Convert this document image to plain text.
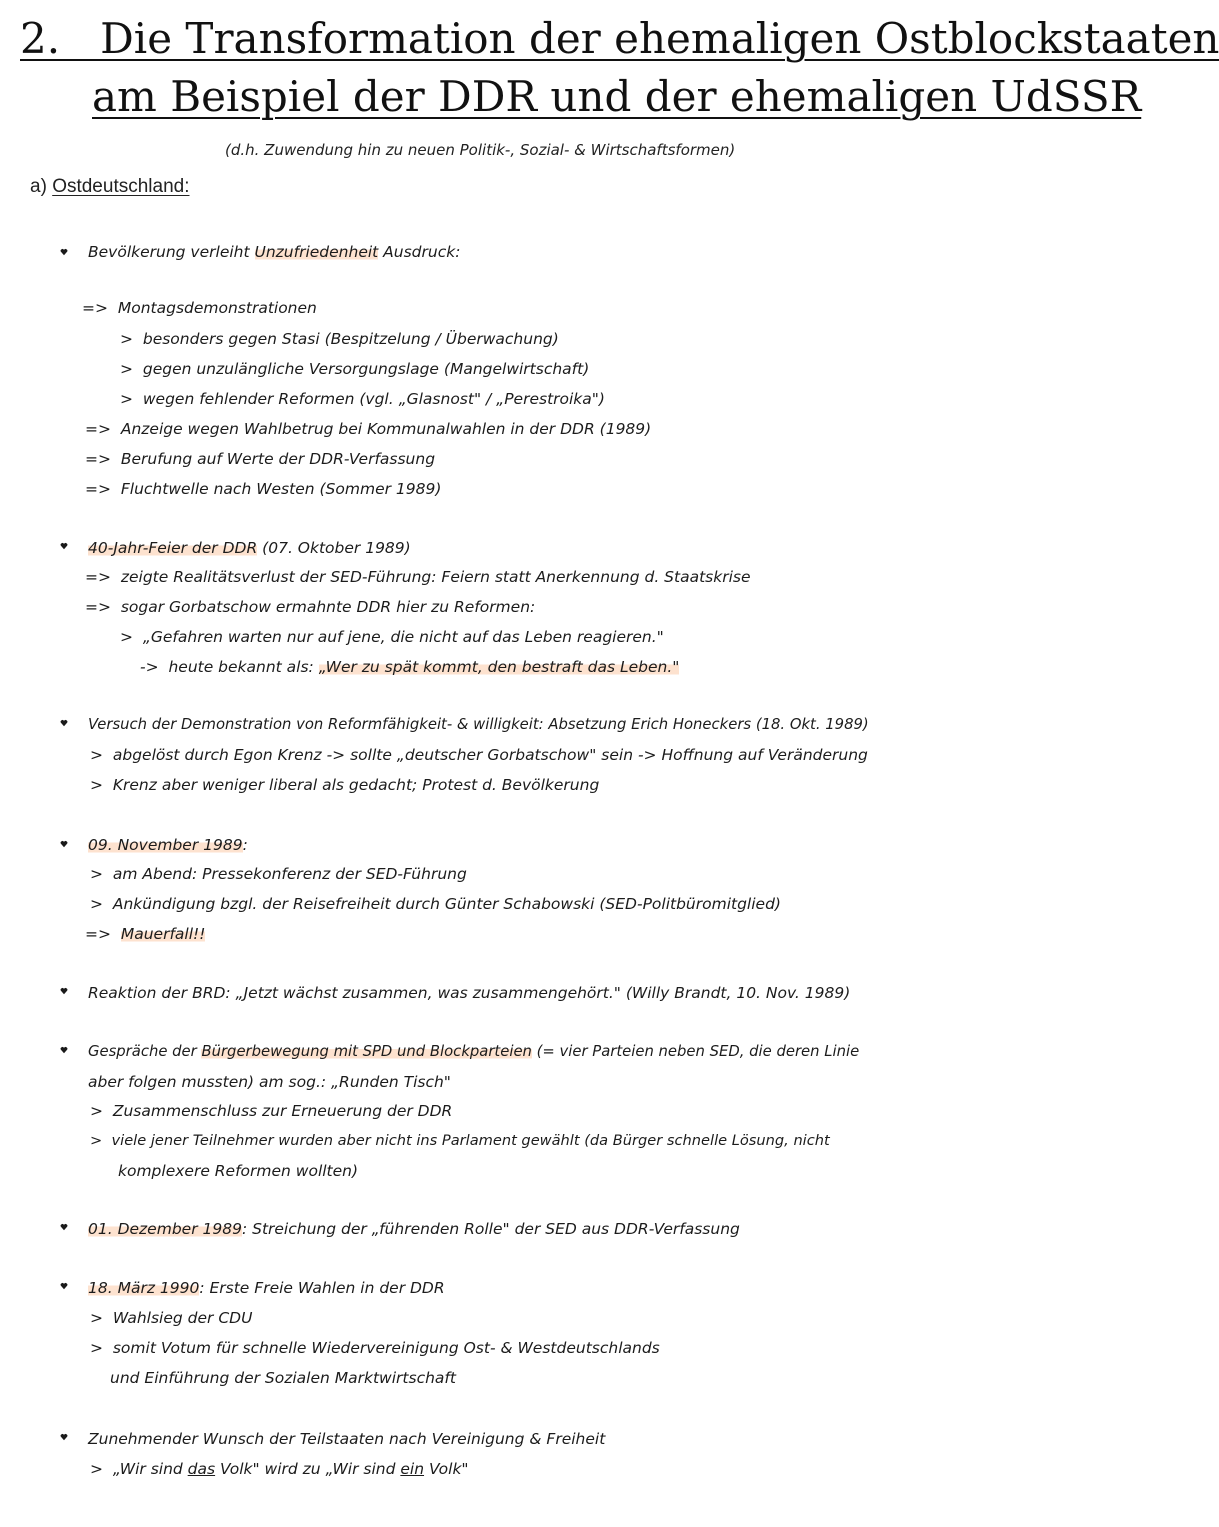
2.   Die Transformation der ehemaligen Ostblockstaaten
am Beispiel der DDR und der ehemaligen UdSSR
(d.h. Zuwendung hin zu neuen Politik-, Sozial- & Wirtschaftsformen)
a) Ostdeutschland:
Bevölkerung verleiht Unzufriedenheit Ausdruck:
=> Montagsdemonstrationen
> besonders gegen Stasi (Bespitzelung / Überwachung)
> gegen unzulängliche Versorgungslage (Mangelwirtschaft)
> wegen fehlender Reformen (vgl. „Glasnost" / „Perestroika")
=> Anzeige wegen Wahlbetrug bei Kommunalwahlen in der DDR (1989)
=> Berufung auf Werte der DDR-Verfassung
=> Fluchtwelle nach Westen (Sommer 1989)
40-Jahr-Feier der DDR (07. Oktober 1989)
=> zeigte Realitätsverlust der SED-Führung: Feiern statt Anerkennung d. Staatskrise
=> sogar Gorbatschow ermahnte DDR hier zu Reformen:
> „Gefahren warten nur auf jene, die nicht auf das Leben reagieren."
-> heute bekannt als: „Wer zu spät kommt, den bestraft das Leben."
Versuch der Demonstration von Reformfähigkeit- & willigkeit: Absetzung Erich Honeckers (18. Okt. 1989)
> abgelöst durch Egon Krenz -> sollte „deutscher Gorbatschow" sein -> Hoffnung auf Veränderung
> Krenz aber weniger liberal als gedacht; Protest d. Bevölkerung
09. November 1989:
> am Abend: Pressekonferenz der SED-Führung
> Ankündigung bzgl. der Reisefreiheit durch Günter Schabowski (SED-Politbüromitglied)
=> Mauerfall!!
Reaktion der BRD: „Jetzt wächst zusammen, was zusammengehört." (Willy Brandt, 10. Nov. 1989)
Gespräche der Bürgerbewegung mit SPD und Blockparteien (= vier Parteien neben SED, die deren Linie
aber folgen mussten) am sog.: „Runden Tisch"
> Zusammenschluss zur Erneuerung der DDR
> viele jener Teilnehmer wurden aber nicht ins Parlament gewählt (da Bürger schnelle Lösung, nicht
komplexere Reformen wollten)
01. Dezember 1989: Streichung der „führenden Rolle" der SED aus DDR-Verfassung
18. März 1990: Erste Freie Wahlen in der DDR
> Wahlsieg der CDU
> somit Votum für schnelle Wiedervereinigung Ost- & Westdeutschlands
und Einführung der Sozialen Marktwirtschaft
Zunehmender Wunsch der Teilstaaten nach Vereinigung & Freiheit
> „Wir sind das Volk" wird zu „Wir sind ein Volk"
